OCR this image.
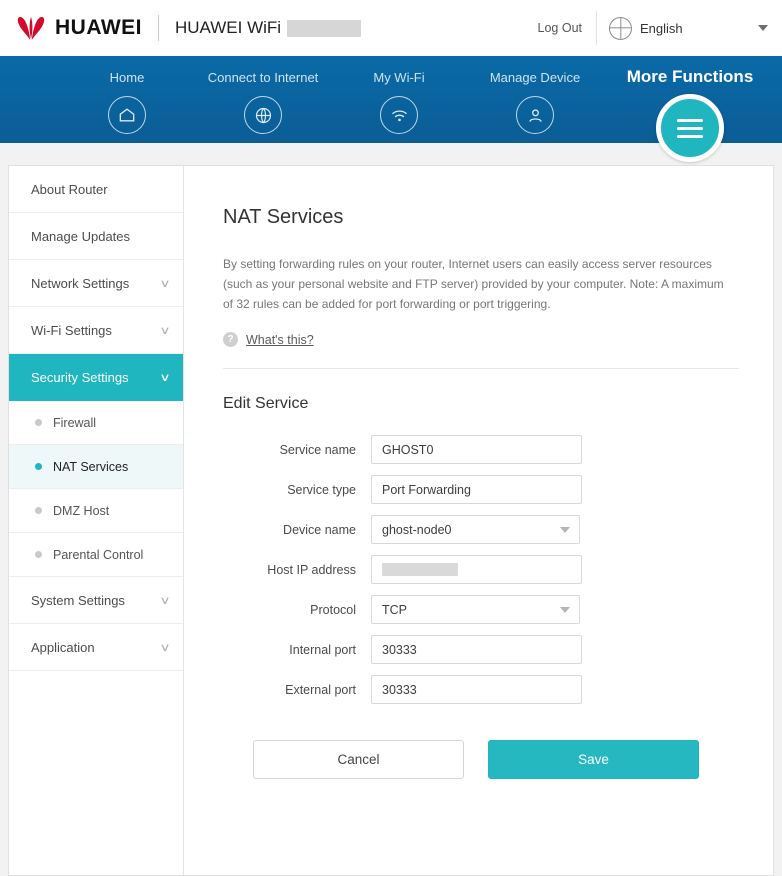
HUAWEI HUAWEI WiFi	Log Out	English
Home	Connect to Internet	My Wi-Fi	Manage Device	More Functions
About Router
Manage Updates
Network Settings	∨
Wi-Fi Settings	∨
Security Settings	∨
Firewall
NAT Services
DMZ Host
Parental Control
System Settings	∨
Application	∨
NAT Services

By setting forwarding rules on your router, Internet users can easily access server resources (such as your personal website and FTP server) provided by your computer. Note: A maximum of 32 rules can be added for port forwarding or port triggering.

? What's this?
Edit Service
Service name	GHOST0
Service type	Port Forwarding
Device name	ghost-node0
Host IP address
Protocol	TCP
Internal port	30333
External port	30333
Cancel	Save
